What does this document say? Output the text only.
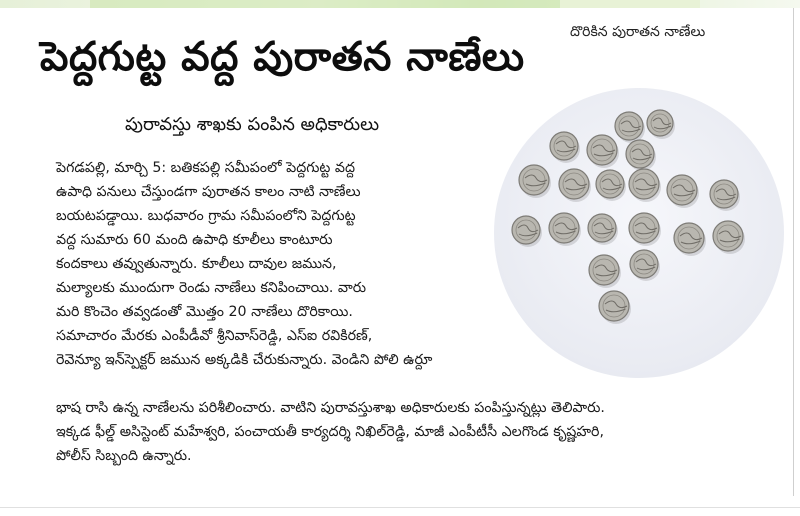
దొరికిన పురాతన నాణేలు
పెద్దగుట్ట వద్ద పురాతన నాణేలు
పురావస్తు శాఖకు పంపిన అధికారులు

పెగడపల్లి, మార్చి 5: బతికపల్లి సమీపంలో పెద్దగుట్ట వద్ద

ఉపాధి పనులు చేస్తుండగా పురాతన కాలం నాటి నాణేలు

బయటపడ్డాయి. బుధవారం గ్రామ సమీపంలోని పెద్దగుట్ట

వద్ద సుమారు 60 మంది ఉపాధి కూలీలు కాంటూరు

కందకాలు తవ్వుతున్నారు. కూలీలు దావుల జమున,

మల్యాలకు ముందుగా రెండు నాణేలు కనిపించాయి. వారు

మరి కొంచెం తవ్వడంతో మొత్తం 20 నాణేలు దొరికాయి.

సమాచారం మేరకు ఎంపీడీవో శ్రీనివాస్‌రెడ్డి, ఎస్ఐ రవికిరణ్,

రెవెన్యూ ఇన్‌స్పెక్టర్ జమున అక్కడికి చేరుకున్నారు. వెండిని పోలి ఉర్దూ

భాష రాసి ఉన్న నాణేలను పరిశీలించారు. వాటిని పురావస్తుశాఖ అధికారులకు పంపిస్తున్నట్లు తెలిపారు.

ఇక్కడ ఫీల్డ్ అసిస్టెంట్ మహేశ్వరి, పంచాయతీ కార్యదర్శి నిఖిల్‌రెడ్డి, మాజీ ఎంపీటీసీ ఎలగొండ కృష్ణహరి,

పోలీస్ సిబ్బంది ఉన్నారు.
